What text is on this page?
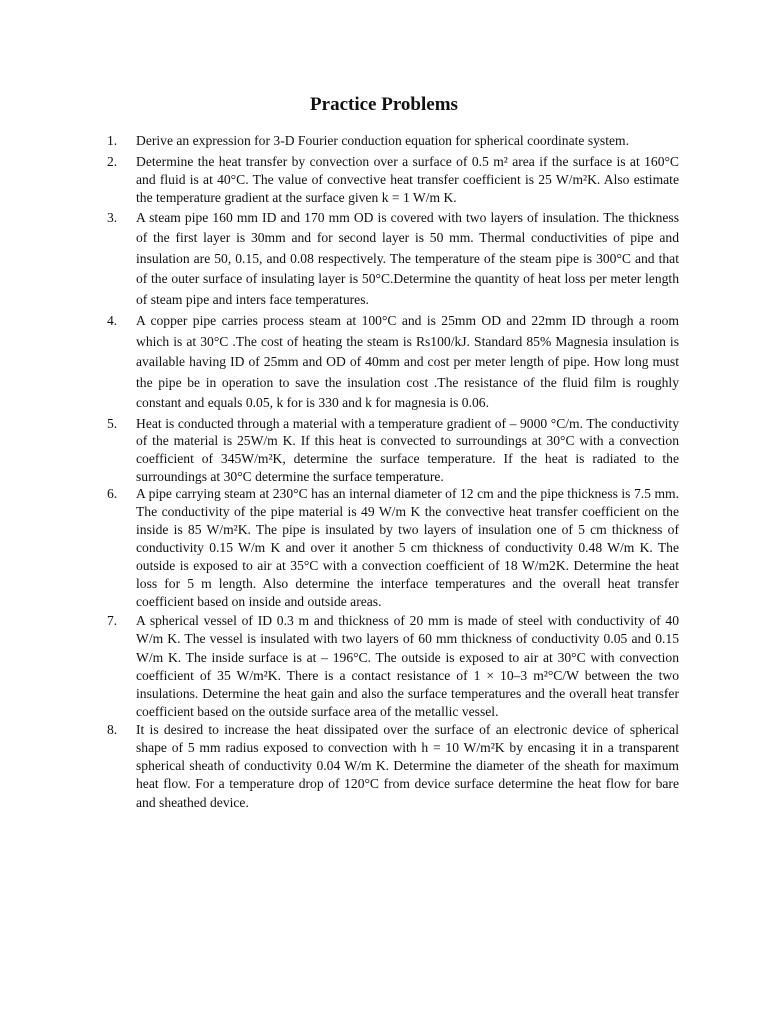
Practice Problems
1. Derive an expression for 3-D Fourier conduction equation for spherical coordinate system.
2. Determine the heat transfer by convection over a surface of 0.5 m² area if the surface is at 160°C and fluid is at 40°C. The value of convective heat transfer coefficient is 25 W/m²K. Also estimate the temperature gradient at the surface given k = 1 W/m K.
3. A steam pipe 160 mm ID and 170 mm OD is covered with two layers of insulation. The thickness of the first layer is 30mm and for second layer is 50 mm. Thermal conductivities of pipe and insulation are 50, 0.15, and 0.08 respectively. The temperature of the steam pipe is 300°C and that of the outer surface of insulating layer is 50°C.Determine the quantity of heat loss per meter length of steam pipe and inters face temperatures.
4. A copper pipe carries process steam at 100°C and is 25mm OD and 22mm ID through a room which is at 30°C .The cost of heating the steam is Rs100/kJ. Standard 85% Magnesia insulation is available having ID of 25mm and OD of 40mm and cost per meter length of pipe. How long must the pipe be in operation to save the insulation cost .The resistance of the fluid film is roughly constant and equals 0.05, k for is 330 and k for magnesia is 0.06.
5. Heat is conducted through a material with a temperature gradient of – 9000 °C/m. The conductivity of the material is 25W/m K. If this heat is convected to surroundings at 30°C with a convection coefficient of 345W/m²K, determine the surface temperature. If the heat is radiated to the surroundings at 30°C determine the surface temperature.
6. A pipe carrying steam at 230°C has an internal diameter of 12 cm and the pipe thickness is 7.5 mm. The conductivity of the pipe material is 49 W/m K the convective heat transfer coefficient on the inside is 85 W/m²K. The pipe is insulated by two layers of insulation one of 5 cm thickness of conductivity 0.15 W/m K and over it another 5 cm thickness of conductivity 0.48 W/m K. The outside is exposed to air at 35°C with a convection coefficient of 18 W/m2K. Determine the heat loss for 5 m length. Also determine the interface temperatures and the overall heat transfer coefficient based on inside and outside areas.
7. A spherical vessel of ID 0.3 m and thickness of 20 mm is made of steel with conductivity of 40 W/m K. The vessel is insulated with two layers of 60 mm thickness of conductivity 0.05 and 0.15 W/m K. The inside surface is at – 196°C. The outside is exposed to air at 30°C with convection coefficient of 35 W/m²K. There is a contact resistance of 1 × 10–3 m²°C/W between the two insulations. Determine the heat gain and also the surface temperatures and the overall heat transfer coefficient based on the outside surface area of the metallic vessel.
8. It is desired to increase the heat dissipated over the surface of an electronic device of spherical shape of 5 mm radius exposed to convection with h = 10 W/m²K by encasing it in a transparent spherical sheath of conductivity 0.04 W/m K. Determine the diameter of the sheath for maximum heat flow. For a temperature drop of 120°C from device surface determine the heat flow for bare and sheathed device.
